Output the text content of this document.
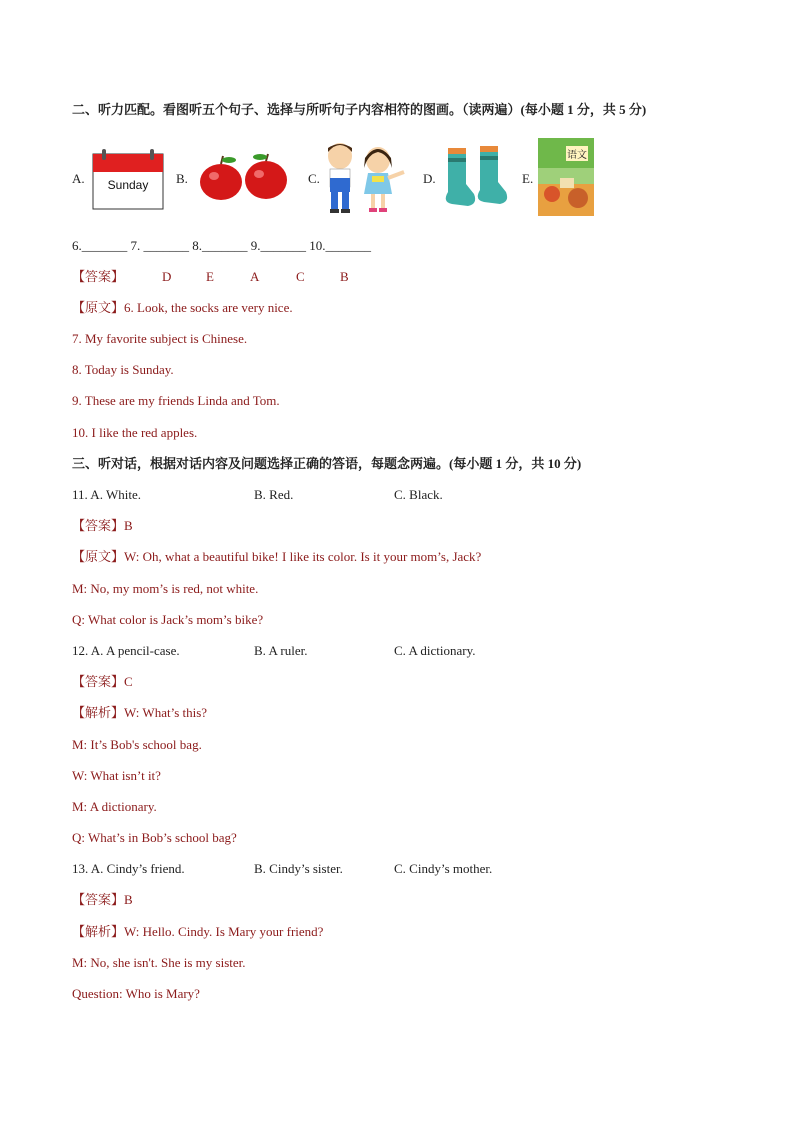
二、听力匹配。看图听五个句子、选择与所听句子内容相符的图画。（读两遍）(每小题 1 分，共 5 分)
A.	Sunday	B.	C.	D.	E.
语文
6._______ 7. _______ 8._______ 9._______ 10._______
【答案】	D	E	A	C	B
【原文】6. Look, the socks are very nice.
7. My favorite subject is Chinese.
8. Today is Sunday.
9. These are my friends Linda and Tom.
10. I like the red apples.
三、听对话，根据对话内容及问题选择正确的答语，每题念两遍。(每小题 1 分，共 10 分)
11. A. White.	B. Red.	C. Black.
【答案】B
【原文】W: Oh, what a beautiful bike! I like its color. Is it your mom’s, Jack?
M: No, my mom’s is red, not white.
Q: What color is Jack’s mom’s bike?
12. A. A pencil-case.	B. A ruler.	C. A dictionary.
【答案】C
【解析】W: What’s this?
M: It’s Bob's school bag.
W: What isn’t it?
M: A dictionary.
Q: What’s in Bob’s school bag?
13. A. Cindy’s friend.	B. Cindy’s sister.	C. Cindy’s mother.
【答案】B
【解析】W: Hello. Cindy. Is Mary your friend?
M: No, she isn't. She is my sister.
Question: Who is Mary?
